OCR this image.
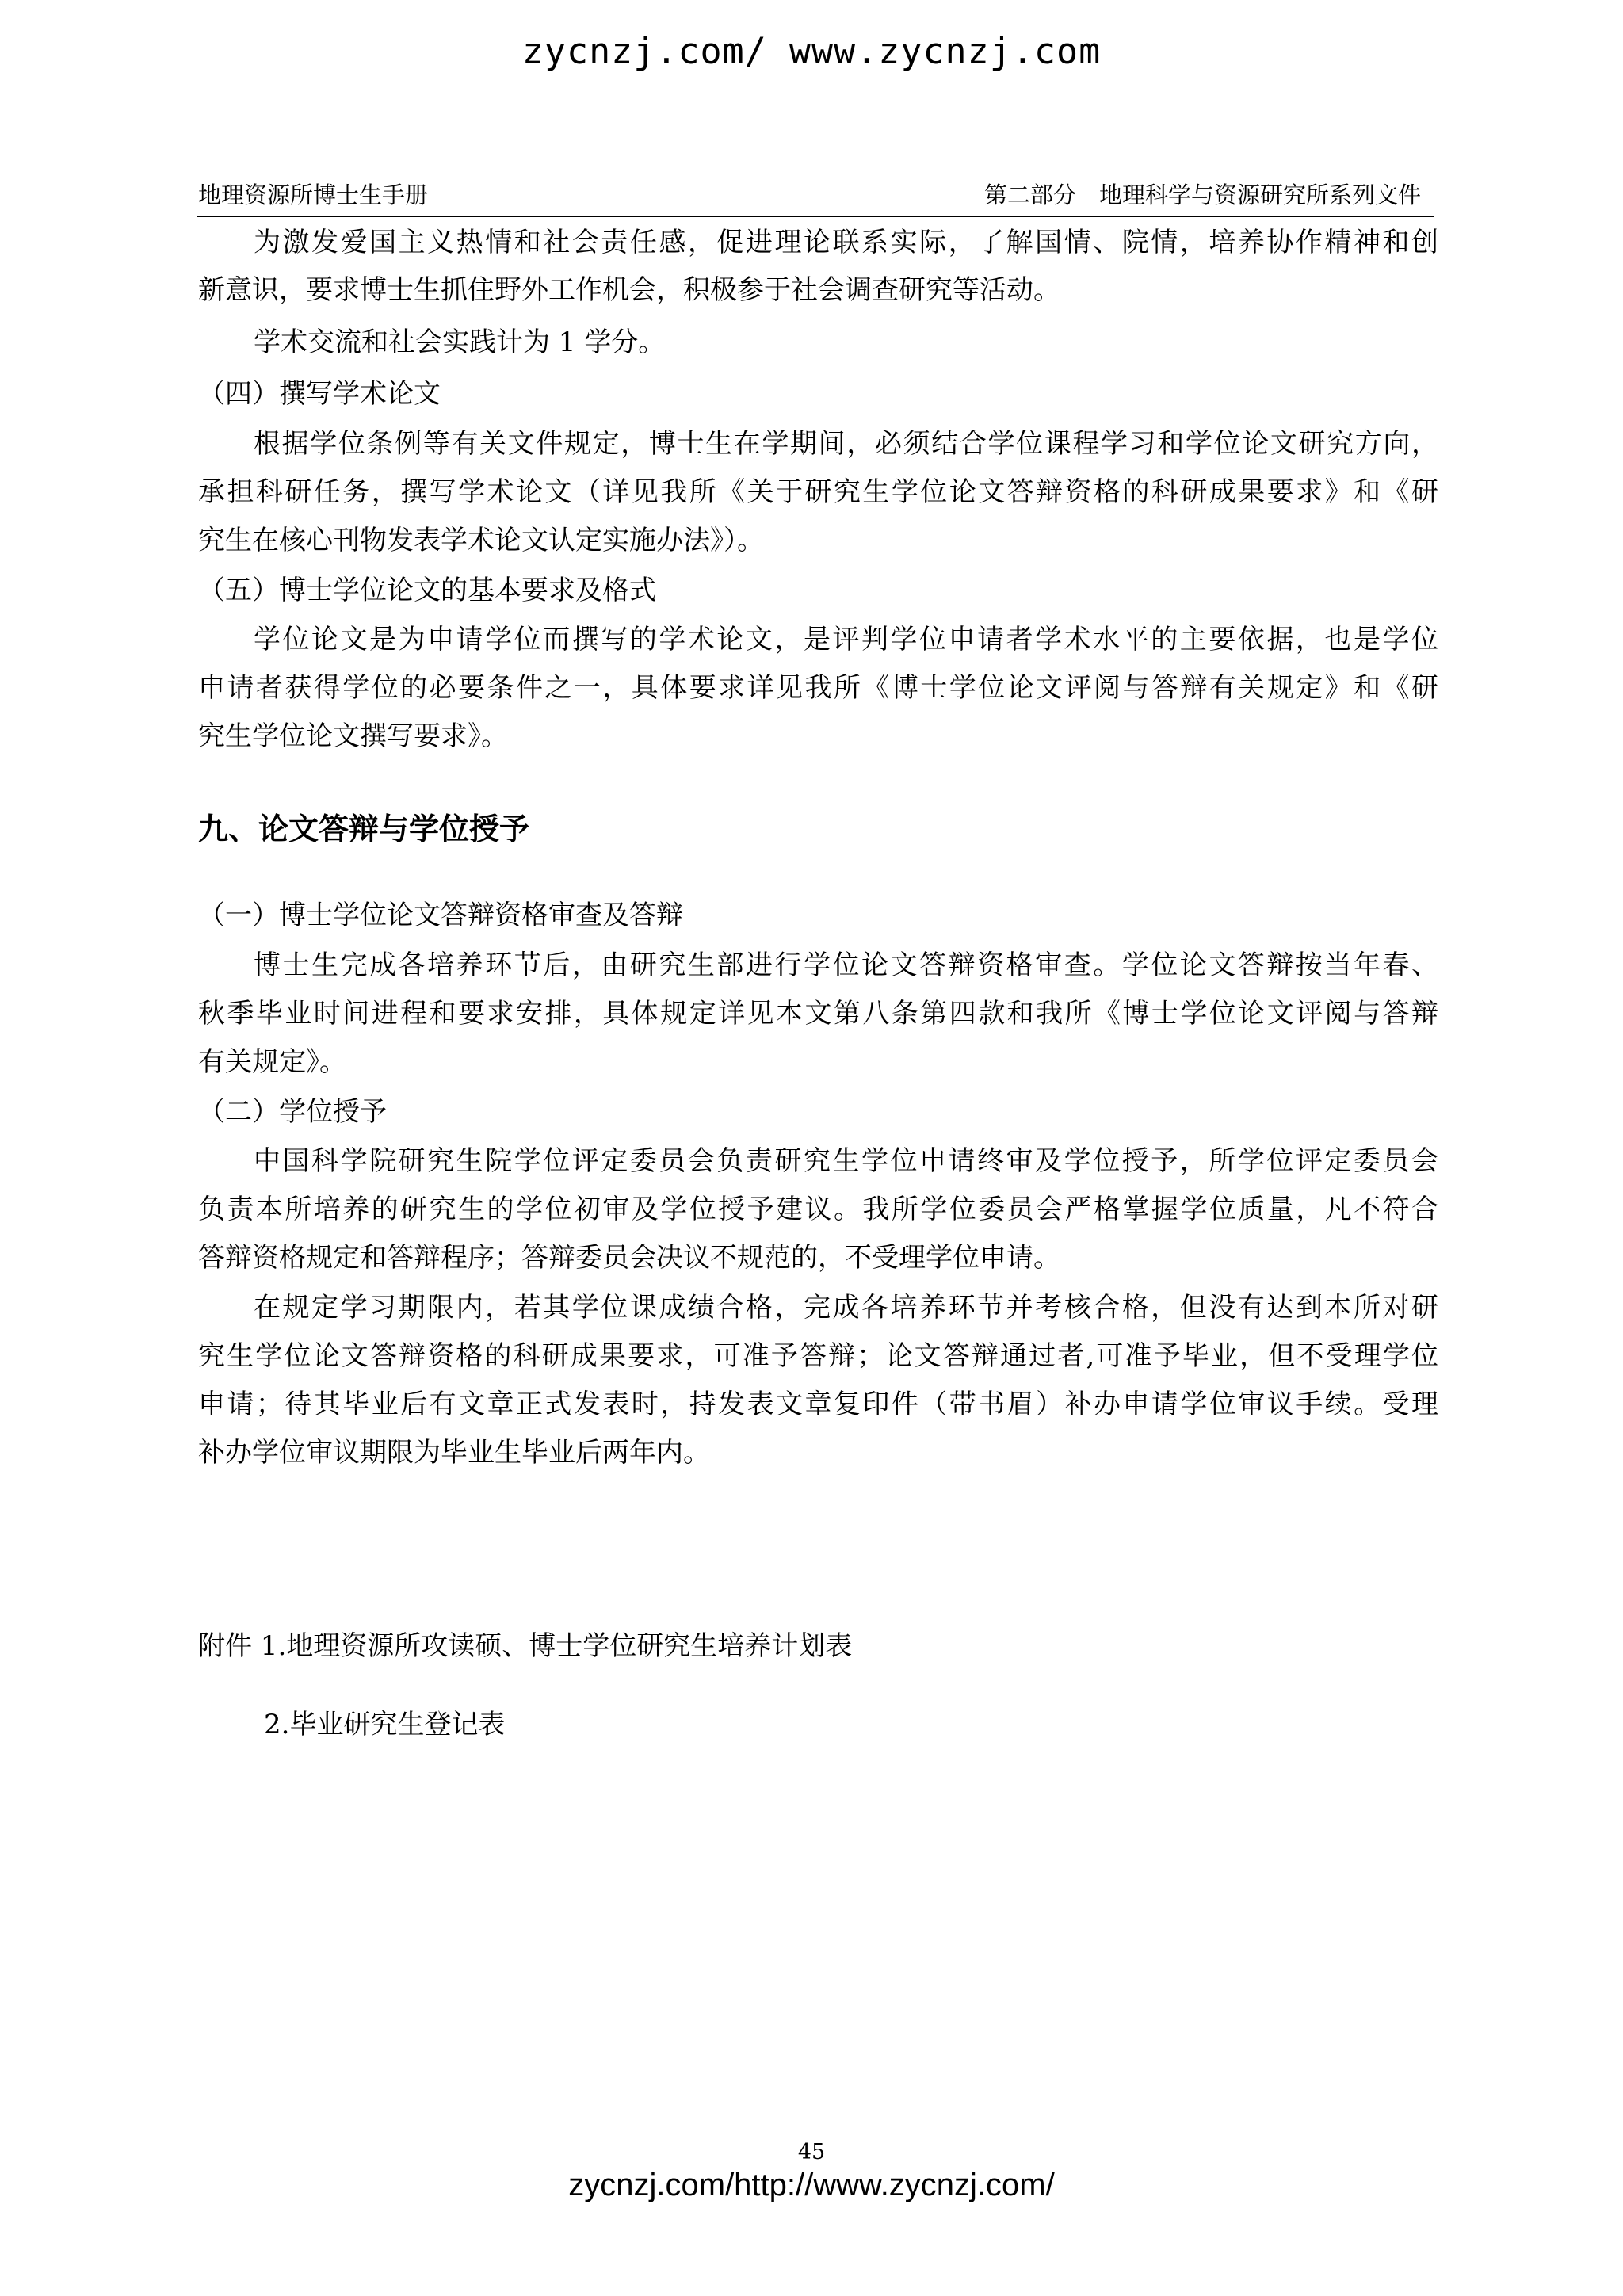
zycnzj.com/ www.zycnzj.com
地理资源所博士生手册	第二部分　地理科学与资源研究所系列文件
为激发爱国主义热情和社会责任感，促进理论联系实际，了解国情、院情，培养协作精神和创
新意识，要求博士生抓住野外工作机会，积极参于社会调查研究等活动。
学术交流和社会实践计为 1 学分。
（四）撰写学术论文
根据学位条例等有关文件规定，博士生在学期间，必须结合学位课程学习和学位论文研究方向，
承担科研任务，撰写学术论文（详见我所《关于研究生学位论文答辩资格的科研成果要求》和《研
究生在核心刊物发表学术论文认定实施办法》）。
（五）博士学位论文的基本要求及格式
学位论文是为申请学位而撰写的学术论文，是评判学位申请者学术水平的主要依据，也是学位
申请者获得学位的必要条件之一，具体要求详见我所《博士学位论文评阅与答辩有关规定》和《研
究生学位论文撰写要求》。
九、论文答辩与学位授予
（一）博士学位论文答辩资格审查及答辩
博士生完成各培养环节后，由研究生部进行学位论文答辩资格审查。学位论文答辩按当年春、
秋季毕业时间进程和要求安排，具体规定详见本文第八条第四款和我所《博士学位论文评阅与答辩
有关规定》。
（二）学位授予
中国科学院研究生院学位评定委员会负责研究生学位申请终审及学位授予，所学位评定委员会
负责本所培养的研究生的学位初审及学位授予建议。我所学位委员会严格掌握学位质量，凡不符合
答辩资格规定和答辩程序；答辩委员会决议不规范的，不受理学位申请。
在规定学习期限内，若其学位课成绩合格，完成各培养环节并考核合格，但没有达到本所对研
究生学位论文答辩资格的科研成果要求，可准予答辩；论文答辩通过者,可准予毕业，但不受理学位
申请；待其毕业后有文章正式发表时，持发表文章复印件（带书眉）补办申请学位审议手续。受理
补办学位审议期限为毕业生毕业后两年内。
附件 1.地理资源所攻读硕、博士学位研究生培养计划表
2.毕业研究生登记表
45
zycnzj.com/http://www.zycnzj.com/
